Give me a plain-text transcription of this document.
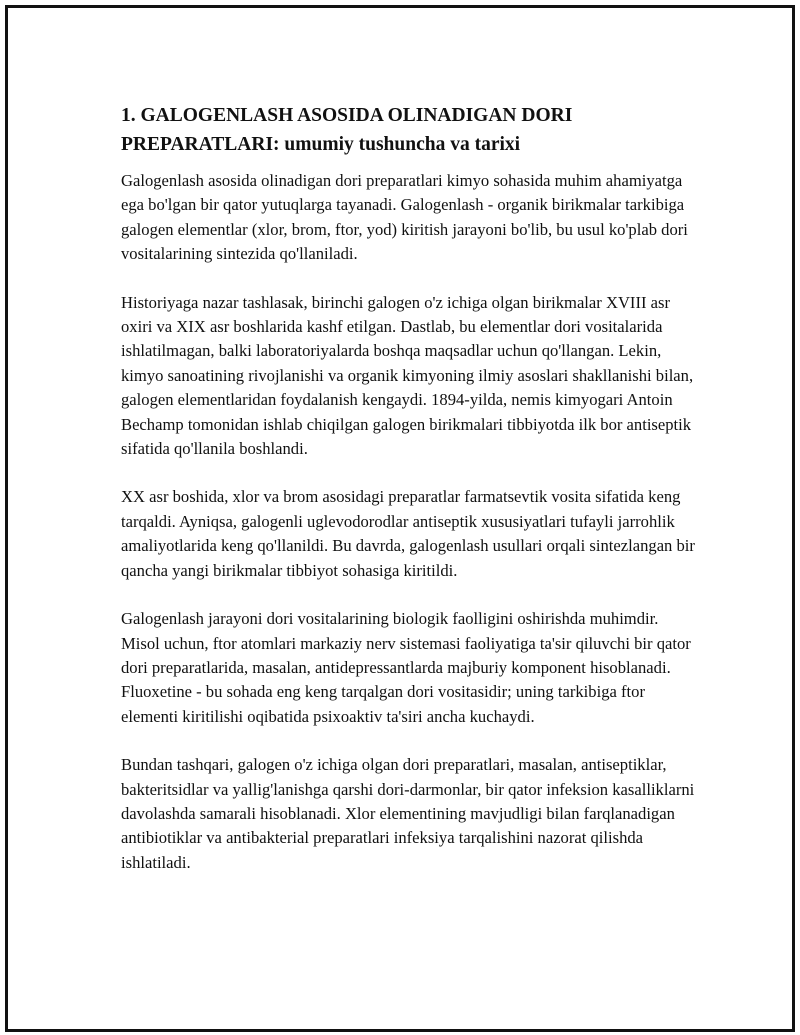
1. GALOGENLASH ASOSIDA OLINADIGAN DORI PREPARATLARI: umumiy tushuncha va tarixi

Galogenlash asosida olinadigan dori preparatlari kimyo sohasida muhim ahamiyatga ega bo'lgan bir qator yutuqlarga tayanadi. Galogenlash - organik birikmalar tarkibiga galogen elementlar (xlor, brom, ftor, yod) kiritish jarayoni bo'lib, bu usul ko'plab dori vositalarining sintezida qo'llaniladi.

Historiyaga nazar tashlasak, birinchi galogen o'z ichiga olgan birikmalar XVIII asr oxiri va XIX asr boshlarida kashf etilgan. Dastlab, bu elementlar dori vositalarida ishlatilmagan, balki laboratoriyalarda boshqa maqsadlar uchun qo'llangan. Lekin, kimyo sanoatining rivojlanishi va organik kimyoning ilmiy asoslari shakllanishi bilan, galogen elementlaridan foydalanish kengaydi. 1894-yilda, nemis kimyogari Antoin Bechamp tomonidan ishlab chiqilgan galogen birikmalari tibbiyotda ilk bor antiseptik sifatida qo'llanila boshlandi.

XX asr boshida, xlor va brom asosidagi preparatlar farmatsevtik vosita sifatida keng tarqaldi. Ayniqsa, galogenli uglevodorodlar antiseptik xususiyatlari tufayli jarrohlik amaliyotlarida keng qo'llanildi. Bu davrda, galogenlash usullari orqali sintezlangan bir qancha yangi birikmalar tibbiyot sohasiga kiritildi.

Galogenlash jarayoni dori vositalarining biologik faolligini oshirishda muhimdir. Misol uchun, ftor atomlari markaziy nerv sistemasi faoliyatiga ta'sir qiluvchi bir qator dori preparatlarida, masalan, antidepressantlarda majburiy komponent hisoblanadi. Fluoxetine - bu sohada eng keng tarqalgan dori vositasidir; uning tarkibiga ftor elementi kiritilishi oqibatida psixoaktiv ta'siri ancha kuchaydi.

Bundan tashqari, galogen o'z ichiga olgan dori preparatlari, masalan, antiseptiklar, bakteritsidlar va yallig'lanishga qarshi dori-darmonlar, bir qator infeksion kasalliklarni davolashda samarali hisoblanadi. Xlor elementining mavjudligi bilan farqlanadigan antibiotiklar va antibakterial preparatlari infeksiya tarqalishini nazorat qilishda ishlatiladi.
